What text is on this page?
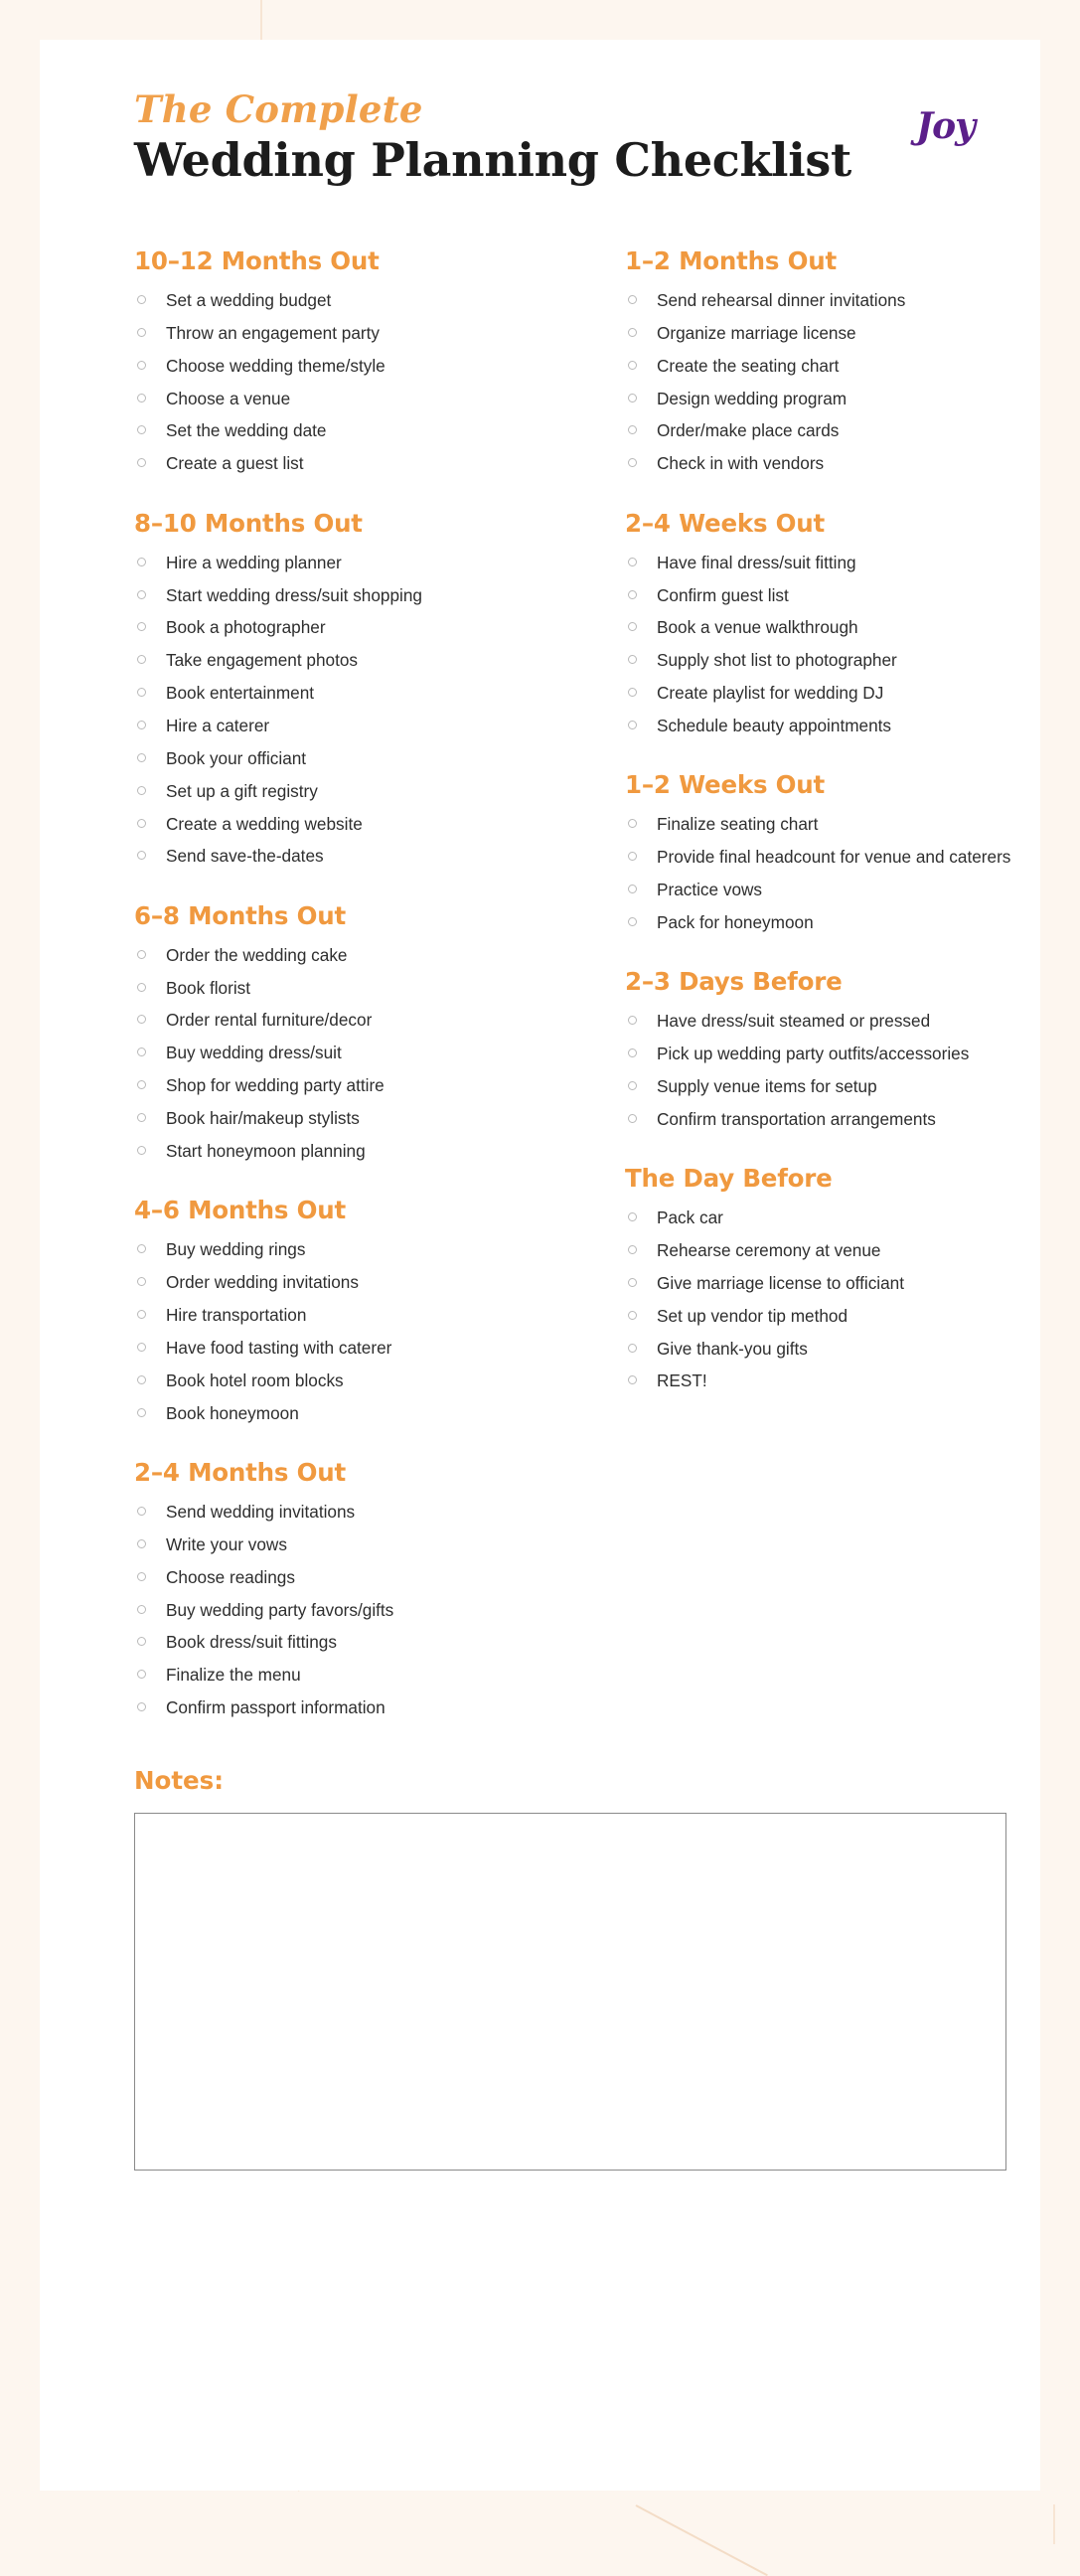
The Complete
Wedding Planning Checklist
Joy
10–12 Months Out
Set a wedding budget
Throw an engagement party
Choose wedding theme/style
Choose a venue
Set the wedding date
Create a guest list
8–10 Months Out
Hire a wedding planner
Start wedding dress/suit shopping
Book a photographer
Take engagement photos
Book entertainment
Hire a caterer
Book your officiant
Set up a gift registry
Create a wedding website
Send save-the-dates
6–8 Months Out
Order the wedding cake
Book florist
Order rental furniture/decor
Buy wedding dress/suit
Shop for wedding party attire
Book hair/makeup stylists
Start honeymoon planning
4–6 Months Out
Buy wedding rings
Order wedding invitations
Hire transportation
Have food tasting with caterer
Book hotel room blocks
Book honeymoon
2–4 Months Out
Send wedding invitations
Write your vows
Choose readings
Buy wedding party favors/gifts
Book dress/suit fittings
Finalize the menu
Confirm passport information
1–2 Months Out
Send rehearsal dinner invitations
Organize marriage license
Create the seating chart
Design wedding program
Order/make place cards
Check in with vendors
2–4 Weeks Out
Have final dress/suit fitting
Confirm guest list
Book a venue walkthrough
Supply shot list to photographer
Create playlist for wedding DJ
Schedule beauty appointments
1–2 Weeks Out
Finalize seating chart
Provide final headcount for venue and caterers
Practice vows
Pack for honeymoon
2–3 Days Before
Have dress/suit steamed or pressed
Pick up wedding party outfits/accessories
Supply venue items for setup
Confirm transportation arrangements
The Day Before
Pack car
Rehearse ceremony at venue
Give marriage license to officiant
Set up vendor tip method
Give thank-you gifts
REST!
Notes:
